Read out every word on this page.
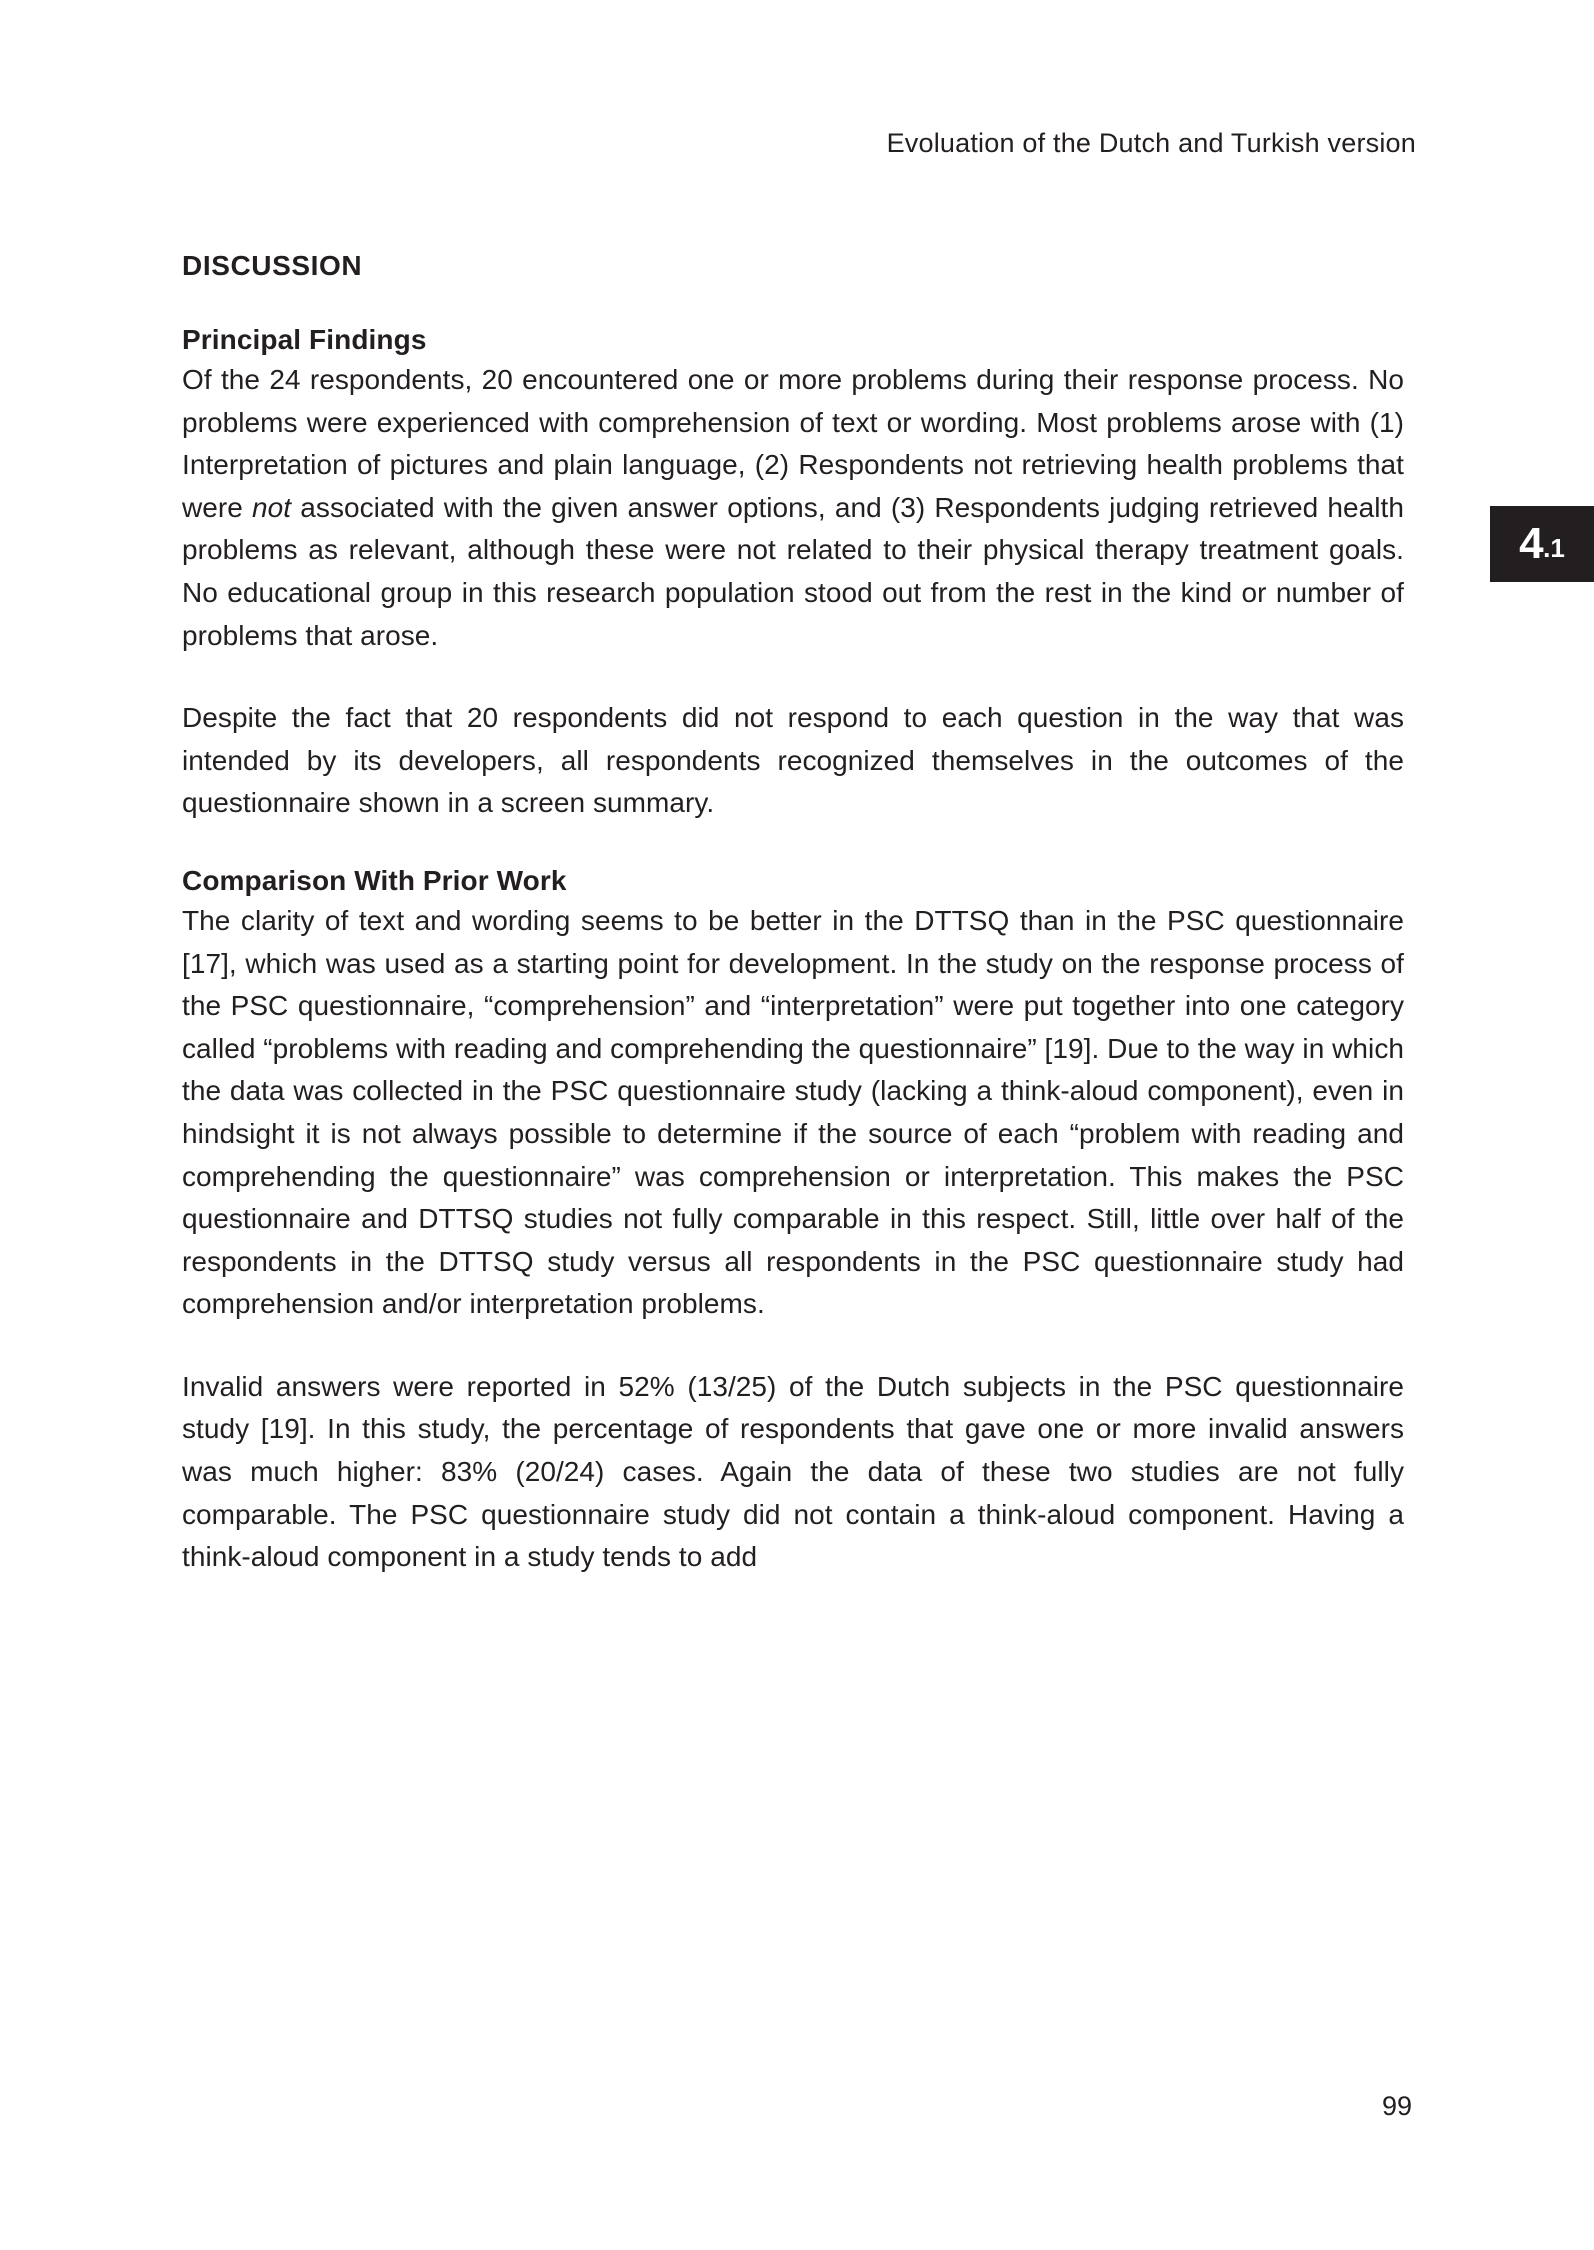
Evoluation of the Dutch and Turkish version
4 .1
DISCUSSION
Principal Findings

Of the 24 respondents, 20 encountered one or more problems during their response process. No problems were experienced with comprehension of text or wording. Most problems arose with (1) Interpretation of pictures and plain language, (2) Respondents not retrieving health problems that were not associated with the given answer options, and (3) Respondents judging retrieved health problems as relevant, although these were not related to their physical therapy treatment goals. No educational group in this research population stood out from the rest in the kind or number of problems that arose.

Despite the fact that 20 respondents did not respond to each question in the way that was intended by its developers, all respondents recognized themselves in the outcomes of the questionnaire shown in a screen summary.

Comparison With Prior Work

The clarity of text and wording seems to be better in the DTTSQ than in the PSC questionnaire [17], which was used as a starting point for development. In the study on the response process of the PSC questionnaire, “comprehension” and “interpretation” were put together into one category called “problems with reading and comprehending the questionnaire” [19]. Due to the way in which the data was collected in the PSC questionnaire study (lacking a think-aloud component), even in hindsight it is not always possible to determine if the source of each “problem with reading and comprehending the questionnaire” was comprehension or interpretation. This makes the PSC questionnaire and DTTSQ studies not fully comparable in this respect. Still, little over half of the respondents in the DTTSQ study versus all respondents in the PSC questionnaire study had comprehension and/or interpretation problems.

Invalid answers were reported in 52% (13/25) of the Dutch subjects in the PSC questionnaire study [19]. In this study, the percentage of respondents that gave one or more invalid answers was much higher: 83% (20/24) cases. Again the data of these two studies are not fully comparable. The PSC questionnaire study did not contain a think-aloud component. Having a think-aloud component in a study tends to add

99
